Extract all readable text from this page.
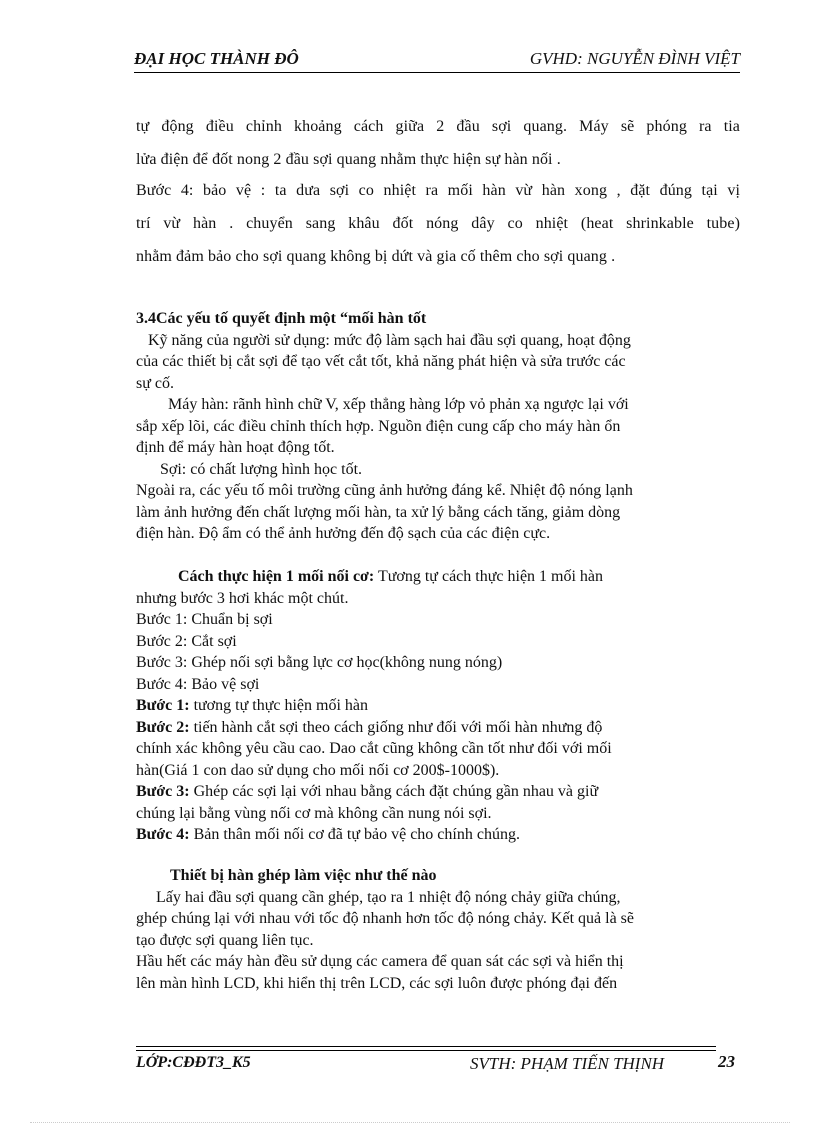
ĐẠI HỌC THÀNH ĐÔ	GVHD: NGUYỄN ĐÌNH VIỆT

tự động điều chỉnh khoảng cách giữa 2 đầu sợi quang. Máy sẽ phóng ra tia

lửa điện để đốt nong 2 đầu sợi quang nhằm thực hiện sự hàn nối .

Bước 4: bảo vệ : ta dưa sợi co nhiệt ra mối hàn vừ hàn xong , đặt đúng tại vị

trí vừ hàn . chuyển sang khâu đốt nóng dây co nhiệt (heat shrinkable tube)

nhằm đảm bảo cho sợi quang không bị dứt và gia cố thêm cho sợi quang .

3.4Các yếu tố quyết định một “mối hàn tốt
Kỹ năng của người sử dụng: mức độ làm sạch hai đầu sợi quang, hoạt động
của các thiết bị cắt sợi để tạo vết cắt tốt, khả năng phát hiện và sửa trước các
sự cố.
Máy hàn: rãnh hình chữ V, xếp thẳng hàng lớp vỏ phản xạ ngược lại với
sắp xếp lõi, các điều chỉnh thích hợp. Nguồn điện cung cấp cho máy hàn ổn
định để máy hàn hoạt động tốt.
Sợi: có chất lượng hình học tốt.
Ngoài ra, các yếu tố môi trường cũng ảnh hưởng đáng kể. Nhiệt độ nóng lạnh
làm ảnh hưởng đến chất lượng mối hàn, ta xử lý bằng cách tăng, giảm dòng
điện hàn. Độ ẩm có thể ảnh hưởng đến độ sạch của các điện cực.
Cách thực hiện 1 mối nối cơ: Tương tự cách thực hiện 1 mối hàn
nhưng bước 3 hơi khác một chút.
Bước 1: Chuẩn bị sợi
Bước 2: Cắt sợi
Bước 3: Ghép nối sợi bằng lực cơ học(không nung nóng)
Bước 4: Bảo vệ sợi
Bước 1: tương tự thực hiện mối hàn
Bước 2: tiến hành cắt sợi theo cách giống như đối với mối hàn nhưng độ
chính xác không yêu cầu cao. Dao cắt cũng không cần tốt như đối với mối
hàn(Giá 1 con dao sử dụng cho mối nối cơ 200$-1000$).
Bước 3: Ghép các sợi lại với nhau bằng cách đặt chúng gần nhau và giữ
chúng lại bằng vùng nối cơ mà không cần nung nói sợi.
Bước 4: Bản thân mối nối cơ đã tự bảo vệ cho chính chúng.
Thiết bị hàn ghép làm việc như thế nào
Lấy hai đầu sợi quang cần ghép, tạo ra 1 nhiệt độ nóng chảy giữa chúng,
ghép chúng lại với nhau với tốc độ nhanh hơn tốc độ nóng chảy. Kết quả là sẽ
tạo được sợi quang liên tục.
Hầu hết các máy hàn đều sử dụng các camera để quan sát các sợi và hiển thị
lên màn hình LCD, khi hiển thị trên LCD, các sợi luôn được phóng đại đến
LỚP:CĐĐT3_K5	SVTH: PHẠM TIẾN THỊNH	23
